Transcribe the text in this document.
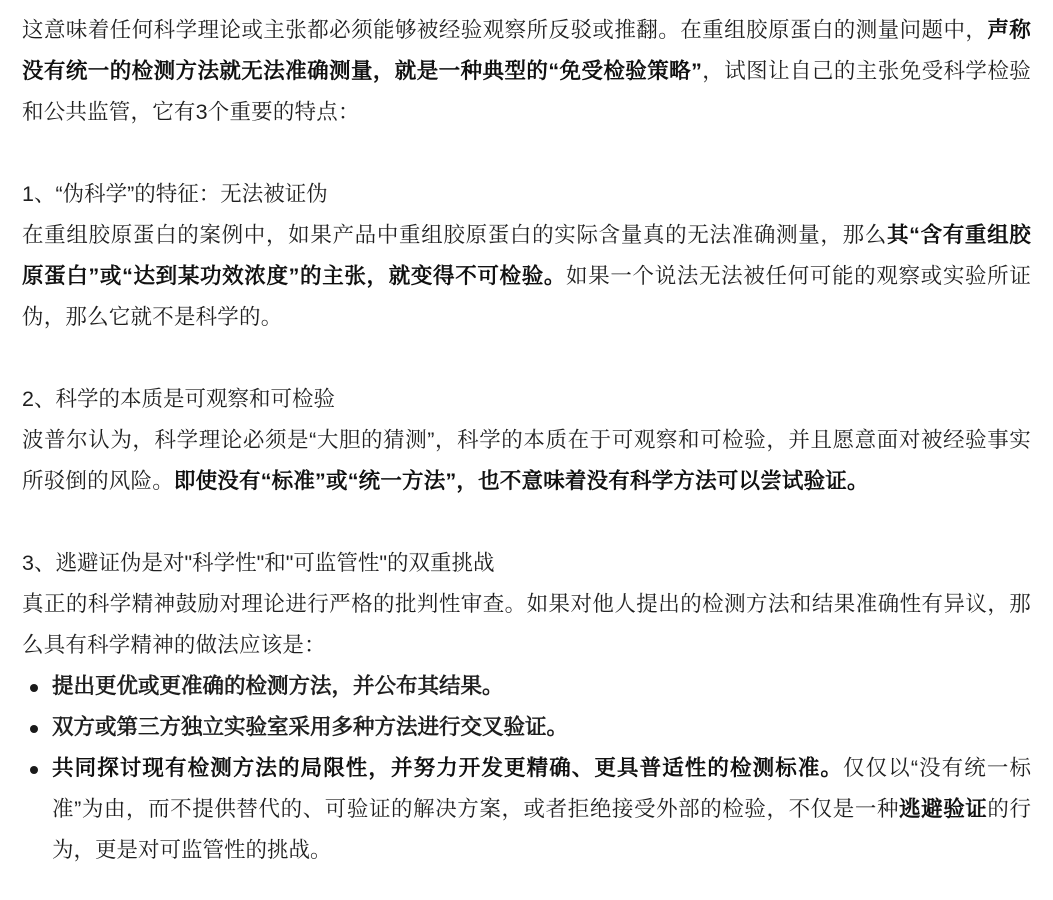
这意味着任何科学理论或主张都必须能够被经验观察所反驳或推翻。在重组胶原蛋白的测量问题中，声称没有统一的检测方法就无法准确测量，就是一种典型的“免受检验策略”，试图让自己的主张免受科学检验和公共监管，它有3个重要的特点：

1、“伪科学”的特征：无法被证伪

在重组胶原蛋白的案例中，如果产品中重组胶原蛋白的实际含量真的无法准确测量，那么其“含有重组胶原蛋白”或“达到某功效浓度”的主张，就变得不可检验。如果一个说法无法被任何可能的观察或实验所证伪，那么它就不是科学的。

2、科学的本质是可观察和可检验

波普尔认为，科学理论必须是“大胆的猜测”，科学的本质在于可观察和可检验，并且愿意面对被经验事实所驳倒的风险。即使没有“标准”或“统一方法”，也不意味着没有科学方法可以尝试验证。

3、逃避证伪是对"科学性"和"可监管性"的双重挑战

真正的科学精神鼓励对理论进行严格的批判性审查。如果对他人提出的检测方法和结果准确性有异议，那么具有科学精神的做法应该是：

提出更优或更准确的检测方法，并公布其结果。
双方或第三方独立实验室采用多种方法进行交叉验证。
共同探讨现有检测方法的局限性，并努力开发更精确、更具普适性的检测标准。仅仅以“没有统一标准”为由，而不提供替代的、可验证的解决方案，或者拒绝接受外部的检验，不仅是一种逃避验证的行为，更是对可监管性的挑战。
